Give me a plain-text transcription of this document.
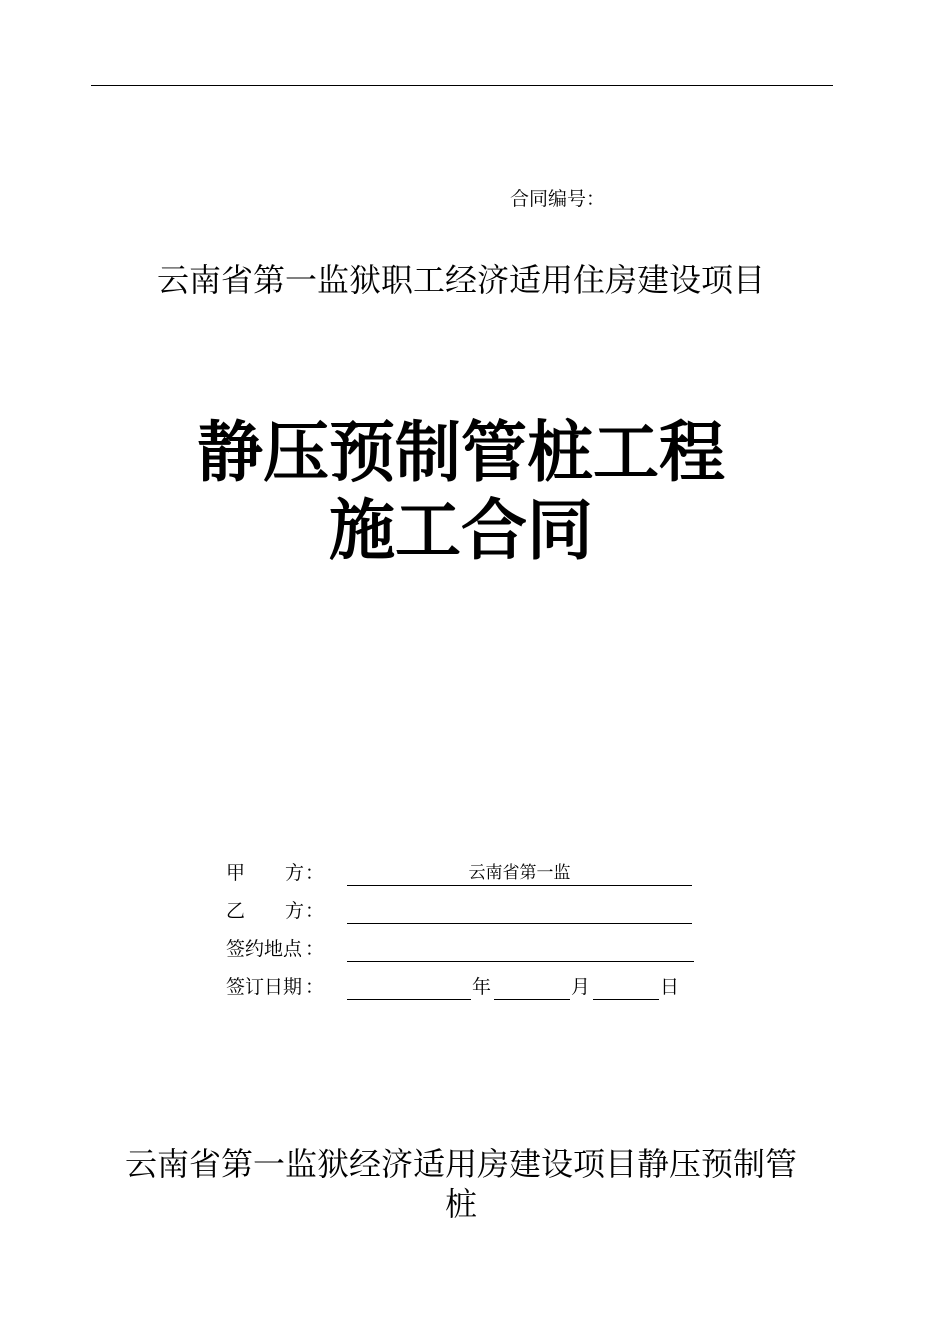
合同编号：
云南省第一监狱职工经济适用住房建设项目
静压预制管桩工程
施工合同
甲 方 ：	云南省第一监
乙 方 ：
签约地点 ：
签订日期 ：	年	月	日
云南省第一监狱经济适用房建设项目静压预制管
桩
